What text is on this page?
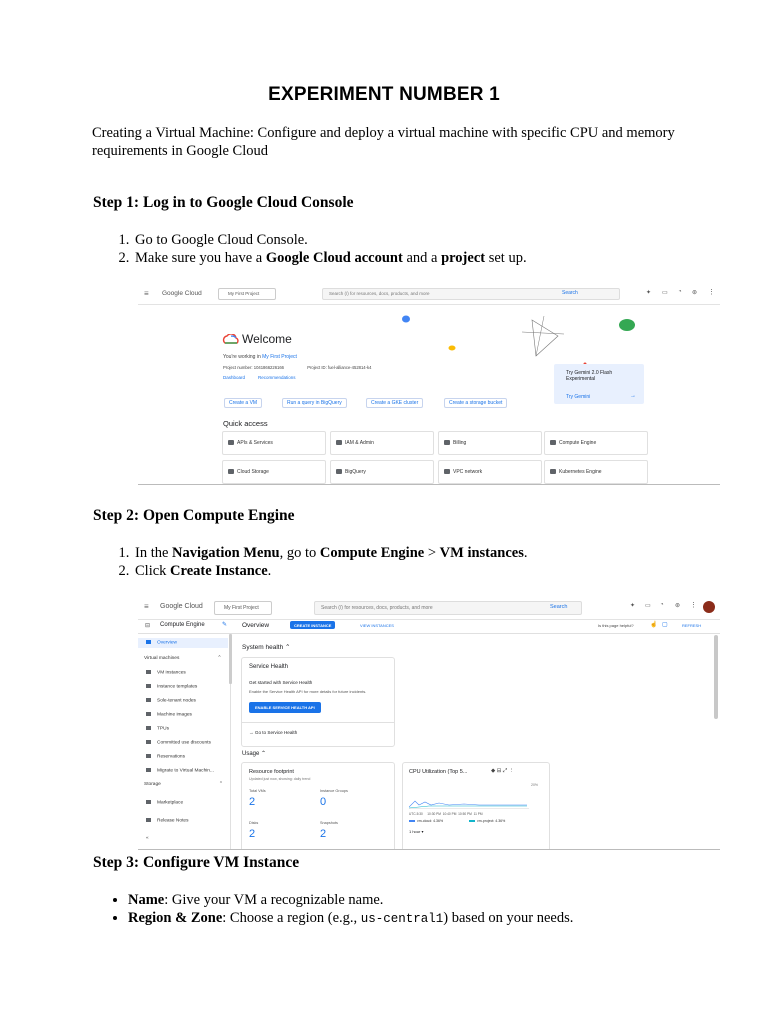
EXPERIMENT NUMBER 1
Creating a Virtual Machine: Configure and deploy a virtual machine with specific CPU and memory requirements in Google Cloud
Step 1: Log in to Google Cloud Console
1. Go to Google Cloud Console.
2. Make sure you have a Google Cloud account and a project set up.
≡ Google Cloud	My First Project	Search (/) for resources, docs, products, and more	Search	✦ ▭ ◔ ⊛ ⋮
Welcome
You're working in My First Project
Project number: 1041866226166	Project ID: fuel-alliance-452814-k4
Dashboard	Recommendations
Create a VM	Run a query in BigQuery	Create a GKE cluster	Create a storage bucket
Try Gemini 2.0 Flash Experimental
Try Gemini	→
Quick access
APIs & Services	IAM & Admin	Billing	Compute Engine
Cloud Storage	BigQuery	VPC network	Kubernetes Engine
Step 2: Open Compute Engine
1. In the Navigation Menu, go to Compute Engine > VM instances.
2. Click Create Instance.
≡ Google Cloud	My First Project	Search (/) for resources, docs, products, and more	Search	✦ ▭ ◔ ⊛ ⋮
⊟ Compute Engine	✎ Overview	CREATE INSTANCE	VIEW INSTANCES	Is this page helpful?	☝ ▢	REFRESH
Overview
Virtual machines	⌃
VM instances
Instance templates
Sole-tenant nodes
Machine images
TPUs
Committed use discounts
Reservations
Migrate to Virtual Machin...
Storage	⌃
Marketplace
Release Notes
«
System health ⌃
Service Health
Get started with Service Health
Enable the Service Health API for more details for future incidents.
ENABLE SERVICE HEALTH API
→ Go to Service Health
Usage ⌃
Resource footprint
Updated just now, showing: daily trend
Total VMs
2
Instance Groups
0
Disks
2
Snapshots
2
CPU Utilization (Top 5...	◆ ⊟ ⤢ ⋮
20%
UTC-5:30 10:30 PM 10:40 PM 10:50 PM 11 PM
vm-cloud: 4.36%	vm-project: 4.36%
1 hour ▾
Step 3: Configure VM Instance
• Name: Give your VM a recognizable name.
• Region & Zone: Choose a region (e.g., us-central1) based on your needs.
